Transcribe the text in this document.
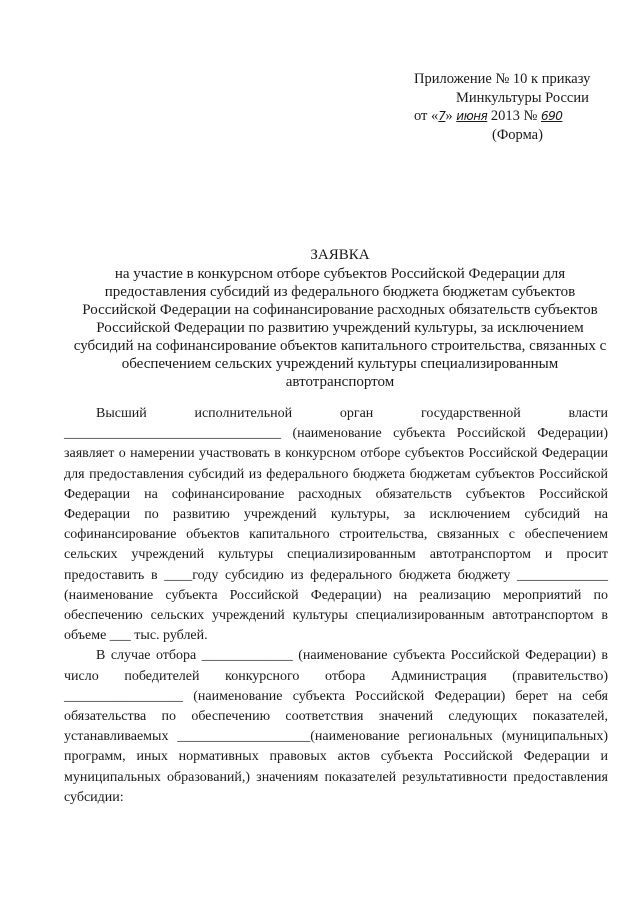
Приложение № 10 к приказу
Минкультуры России
от «7» июня 2013 № 690
(Форма)
ЗАЯВКА
на участие в конкурсном отборе субъектов Российской Федерации для
предоставления субсидий из федерального бюджета бюджетам субъектов
Российской Федерации на софинансирование расходных обязательств субъектов
Российской Федерации по развитию учреждений культуры, за исключением
субсидий на софинансирование объектов капитального строительства, связанных с
обеспечением сельских учреждений культуры специализированным
автотранспортом
Высший	исполнительной	орган	государственной	власти

_______________________________ (наименование субъекта Российской Федерации) заявляет о намерении участвовать в конкурсном отборе субъектов Российской Федерации для предоставления субсидий из федерального бюджета бюджетам субъектов Российской Федерации на софинансирование расходных обязательств субъектов Российской Федерации по развитию учреждений культуры, за исключением субсидий на софинансирование объектов капитального строительства, связанных с обеспечением сельских учреждений культуры специализированным автотранспортом и просит предоставить в ____году субсидию из федерального бюджета бюджету _____________ (наименование субъекта Российской Федерации) на реализацию мероприятий по обеспечению сельских учреждений культуры специализированным автотранспортом в объеме ___ тыс. рублей.

В случае отбора _____________ (наименование субъекта Российской Федерации) в число победителей конкурсного отбора Администрация (правительство) _________________ (наименование субъекта Российской Федерации) берет на себя обязательства по обеспечению соответствия значений следующих показателей, устанавливаемых ___________________(наименование региональных (муниципальных) программ, иных нормативных правовых актов субъекта Российской Федерации и муниципальных образований,) значениям показателей результативности предоставления субсидии:
